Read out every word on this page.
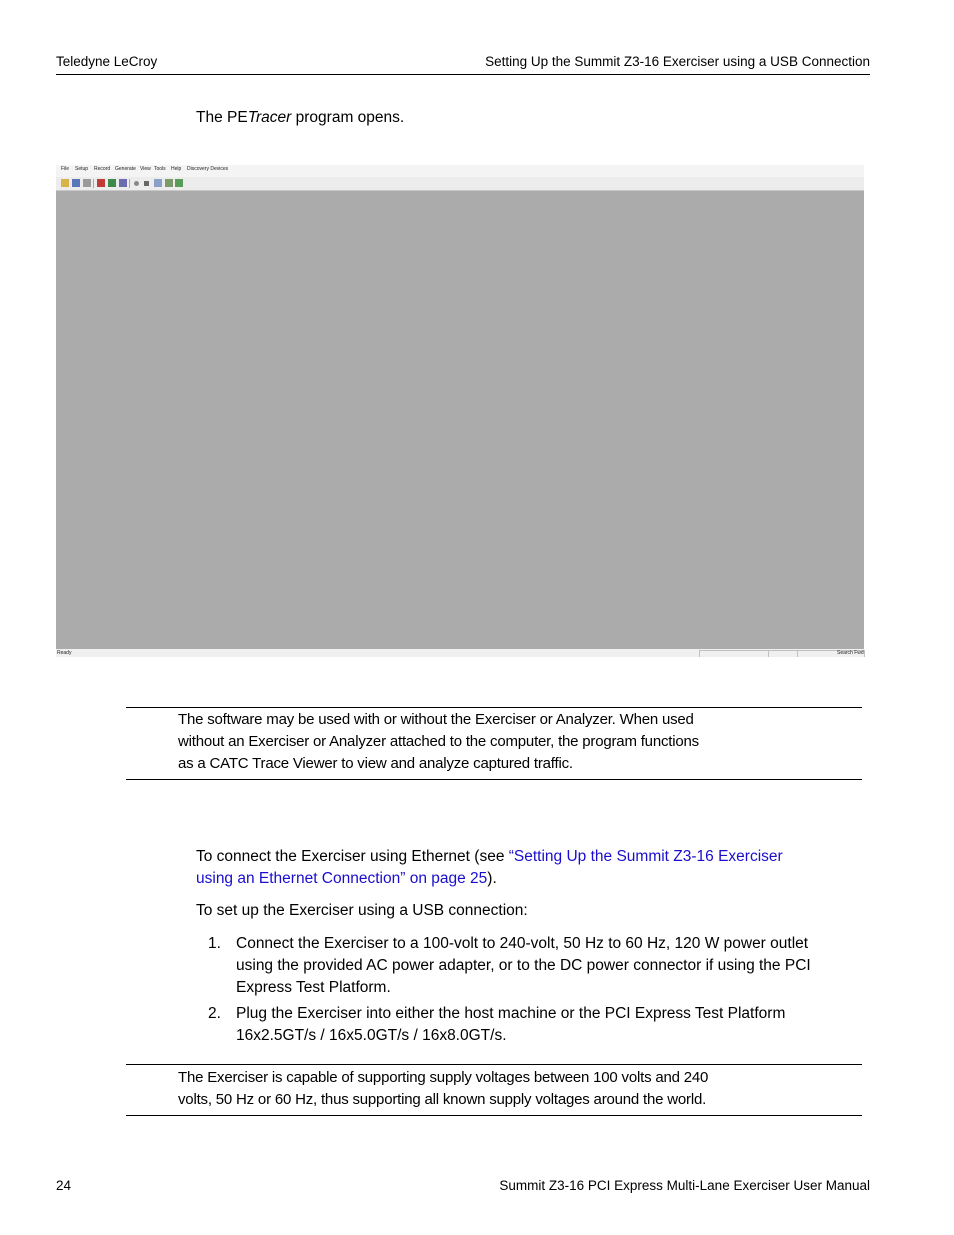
Teledyne LeCroy	Setting Up the Summit Z3-16 Exerciser using a USB Connection
The PETracer program opens.
File Setup Record Generate View Tools Help Discovery Devices
Ready	Search Fwd
The software may be used with or without the Exerciser or Analyzer. When used
without an Exerciser or Analyzer attached to the computer, the program functions
as a CATC Trace Viewer to view and analyze captured traffic.
To connect the Exerciser using Ethernet (see “Setting Up the Summit Z3-16 Exerciser
using an Ethernet Connection” on page 25).
To set up the Exerciser using a USB connection:
1. Connect the Exerciser to a 100-volt to 240-volt, 50 Hz to 60 Hz, 120 W power outlet
using the provided AC power adapter, or to the DC power connector if using the PCI
Express Test Platform.
2. Plug the Exerciser into either the host machine or the PCI Express Test Platform
16x2.5GT/s / 16x5.0GT/s / 16x8.0GT/s.
The Exerciser is capable of supporting supply voltages between 100 volts and 240
volts, 50 Hz or 60 Hz, thus supporting all known supply voltages around the world.
24	Summit Z3-16 PCI Express Multi-Lane Exerciser User Manual
